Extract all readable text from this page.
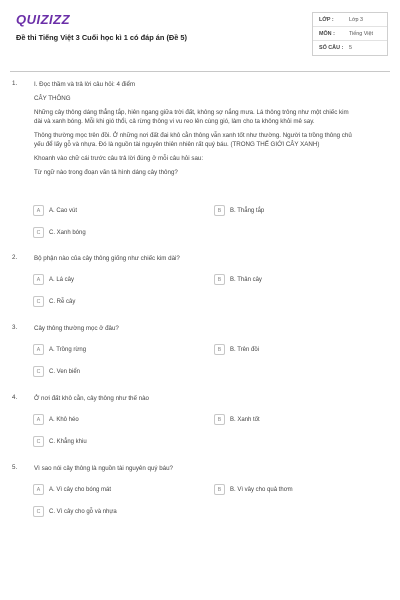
QUIZIZZ
Đề thi Tiếng Việt 3 Cuối học kì 1 có đáp án (Đề 5)
LỚP :	Lớp 3
MÔN :	Tiếng Việt
SỐ CÂU :	5
1.	I. Đọc thầm và trả lời câu hỏi: 4 điểm
CÂY THÔNG
Những cây thông dáng thẳng tắp, hiên ngang giữa trời đất, không sợ nắng mưa. Lá thông trông như một chiếc kim
dài và xanh bóng. Mỗi khi gió thổi, cả rừng thông vi vu reo lên cùng gió, làm cho ta không khỏi mê say.
Thông thường mọc trên đồi. Ở những nơi đất đai khô cằn thông vẫn xanh tốt như thường. Người ta trồng thông chủ
yếu để lấy gỗ và nhựa. Đó là nguồn tài nguyên thiên nhiên rất quý báu. (TRONG THẾ GIỚI CÂY XANH)
Khoanh vào chữ cái trước câu trả lời đúng ở mỗi câu hỏi sau:
Từ ngữ nào trong đoạn văn tả hình dáng cây thông?
A	A. Cao vút	B	B. Thẳng tắp
C	C. Xanh bóng
2.	Bộ phận nào của cây thông giống như chiếc kim dài?
A	A. Lá cây	B	B. Thân cây
C	C. Rễ cây
3.	Cây thông thường mọc ở đâu?
A	A. Trồng rừng	B	B. Trên đồi
C	C. Ven biển
4.	Ở nơi đất khô cằn, cây thông như thế nào
A	A. Khô héo	B	B. Xanh tốt
C	C. Khẳng khiu
5.	Vì sao nói cây thông là nguồn tài nguyên quý báu?
A	A. Vì cây cho bóng mát	B	B. Vì vây cho quả thơm
C	C. Vì cây cho gỗ và nhựa
